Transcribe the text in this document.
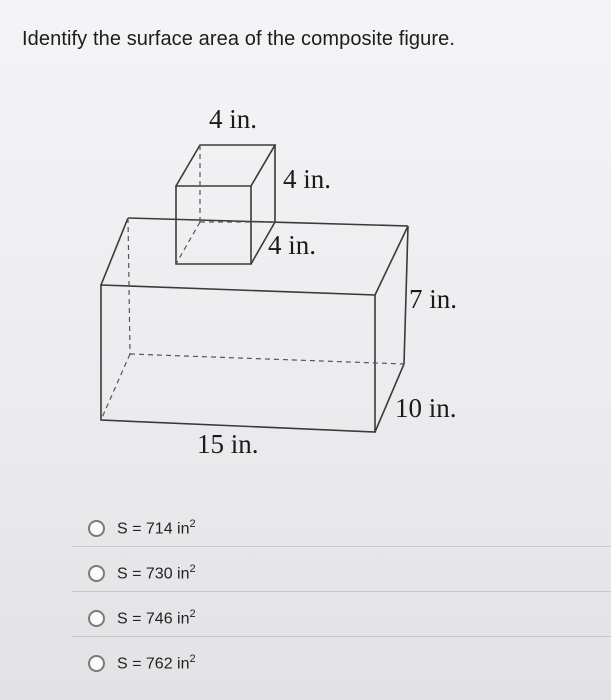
Identify the surface area of the composite figure.
4 in.
4 in.
4 in.
7 in.
10 in.
15 in.
S = 714 $in^2$
S = 730 $in^2$
S = 746 $in^2$
S = 762 $in^2$
